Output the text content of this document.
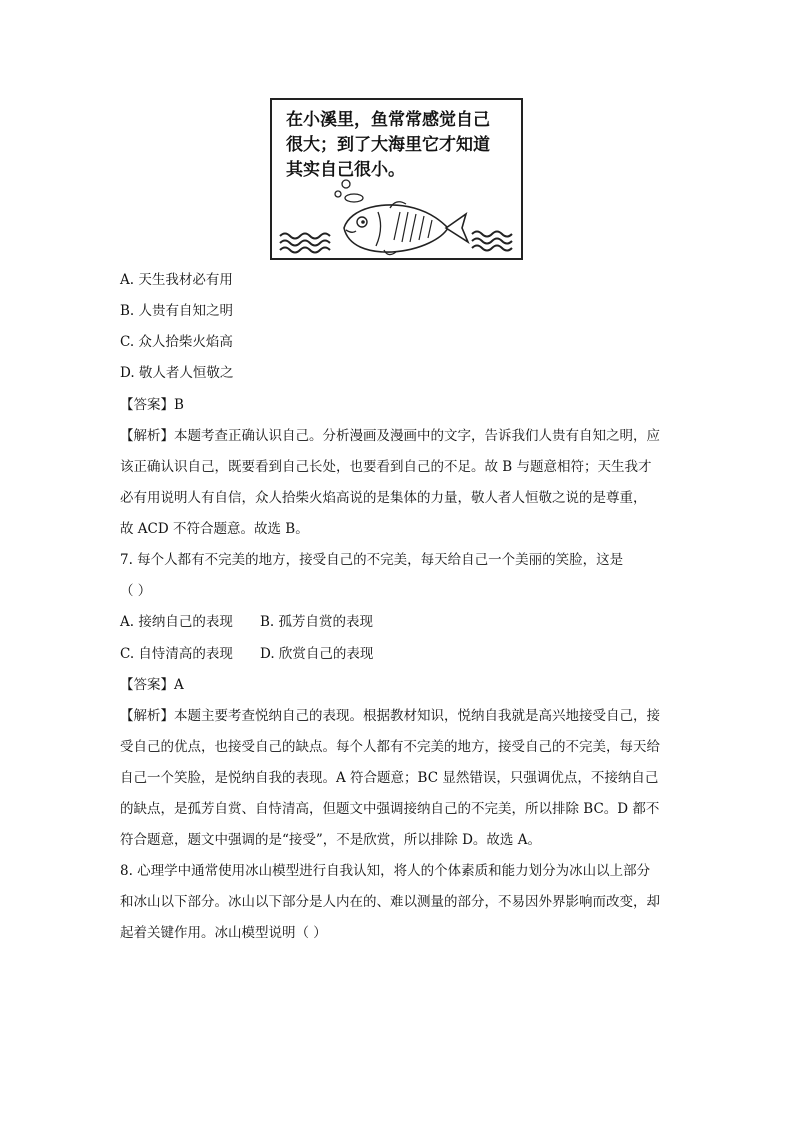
在小溪里，鱼常常感觉自己
很大；到了大海里它才知道
其实自己很小。
A. 天生我材必有用
B. 人贵有自知之明
C. 众人拾柴火焰高
D. 敬人者人恒敬之
【答案】B
【解析】本题考查正确认识自己。分析漫画及漫画中的文字，告诉我们人贵有自知之明，应
该正确认识自己，既要看到自己长处，也要看到自己的不足。故 B 与题意相符；天生我才
必有用说明人有自信，众人拾柴火焰高说的是集体的力量，敬人者人恒敬之说的是尊重，
故 ACD 不符合题意。故选 B。
7. 每个人都有不完美的地方，接受自己的不完美，每天给自己一个美丽的笑脸，这是
（ ）
A. 接纳自己的表现 B. 孤芳自赏的表现
C. 自恃清高的表现 D. 欣赏自己的表现
【答案】A
【解析】本题主要考查悦纳自己的表现。根据教材知识，悦纳自我就是高兴地接受自己，接
受自己的优点，也接受自己的缺点。每个人都有不完美的地方，接受自己的不完美，每天给
自己一个笑脸，是悦纳自我的表现。A 符合题意；BC 显然错误，只强调优点，不接纳自己
的缺点，是孤芳自赏、自恃清高，但题文中强调接纳自己的不完美，所以排除 BC。D 都不
符合题意，题文中强调的是“接受”，不是欣赏，所以排除 D。故选 A。
8. 心理学中通常使用冰山模型进行自我认知，将人的个体素质和能力划分为冰山以上部分
和冰山以下部分。冰山以下部分是人内在的、难以测量的部分，不易因外界影响而改变，却
起着关键作用。冰山模型说明（ ）
